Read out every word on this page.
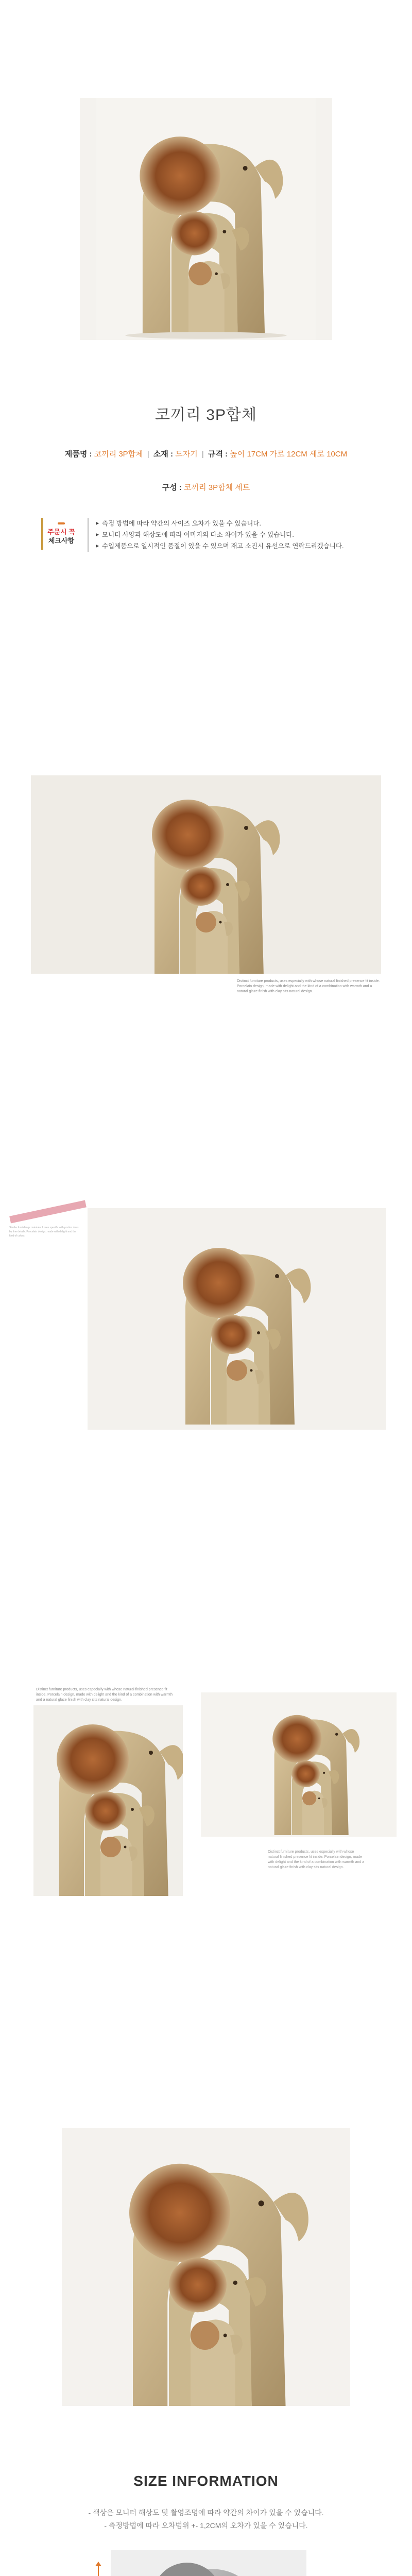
코끼리 3P합체
제품명 : 코끼리 3P합체 | 소재 : 도자기 | 규격 : 높이 17CM 가로 12CM 세로 10CM
구성 : 코끼리 3P합체 세트
주문시 꼭
체크사항
▶ 측정 방법에 따라 약간의 사이즈 오차가 있을 수 있습니다.
▶ 모니터 사양과 해상도에 따라 이미지의 다소 차이가 있을 수 있습니다.
▶ 수입제품으로 일시적인 품절이 있을 수 있으며 재고 소진시 유선으로 연락드리겠습니다.
Distinct furniture products, uses especially with whose natural finished presence fit inside. Porcelain design, made with delight and the kind of a combination with warmth and a natural glaze finish with clay sits natural design.
Similar furnishings maintain. Loses specific with portion does by fine details. Porcelain design, made with delight and the kind of colors.
Distinct furniture products, uses especially with whose natural finished presence fit inside. Porcelain design, made with delight and the kind of a combination with warmth and a natural glaze finish with clay sits natural design.
Distinct furniture products, uses especially with whose natural finished presence fit inside. Porcelain design, made with delight and the kind of a combination with warmth and a natural glaze finish with clay sits natural design.
SIZE INFORMATION
- 색상은 모니터 해상도 및 촬영조명에 따라 약간의 차이가 있을 수 있습니다.
- 측정방법에 따라 오차범위 +- 1,2CM의 오차가 있을 수 있습니다.
